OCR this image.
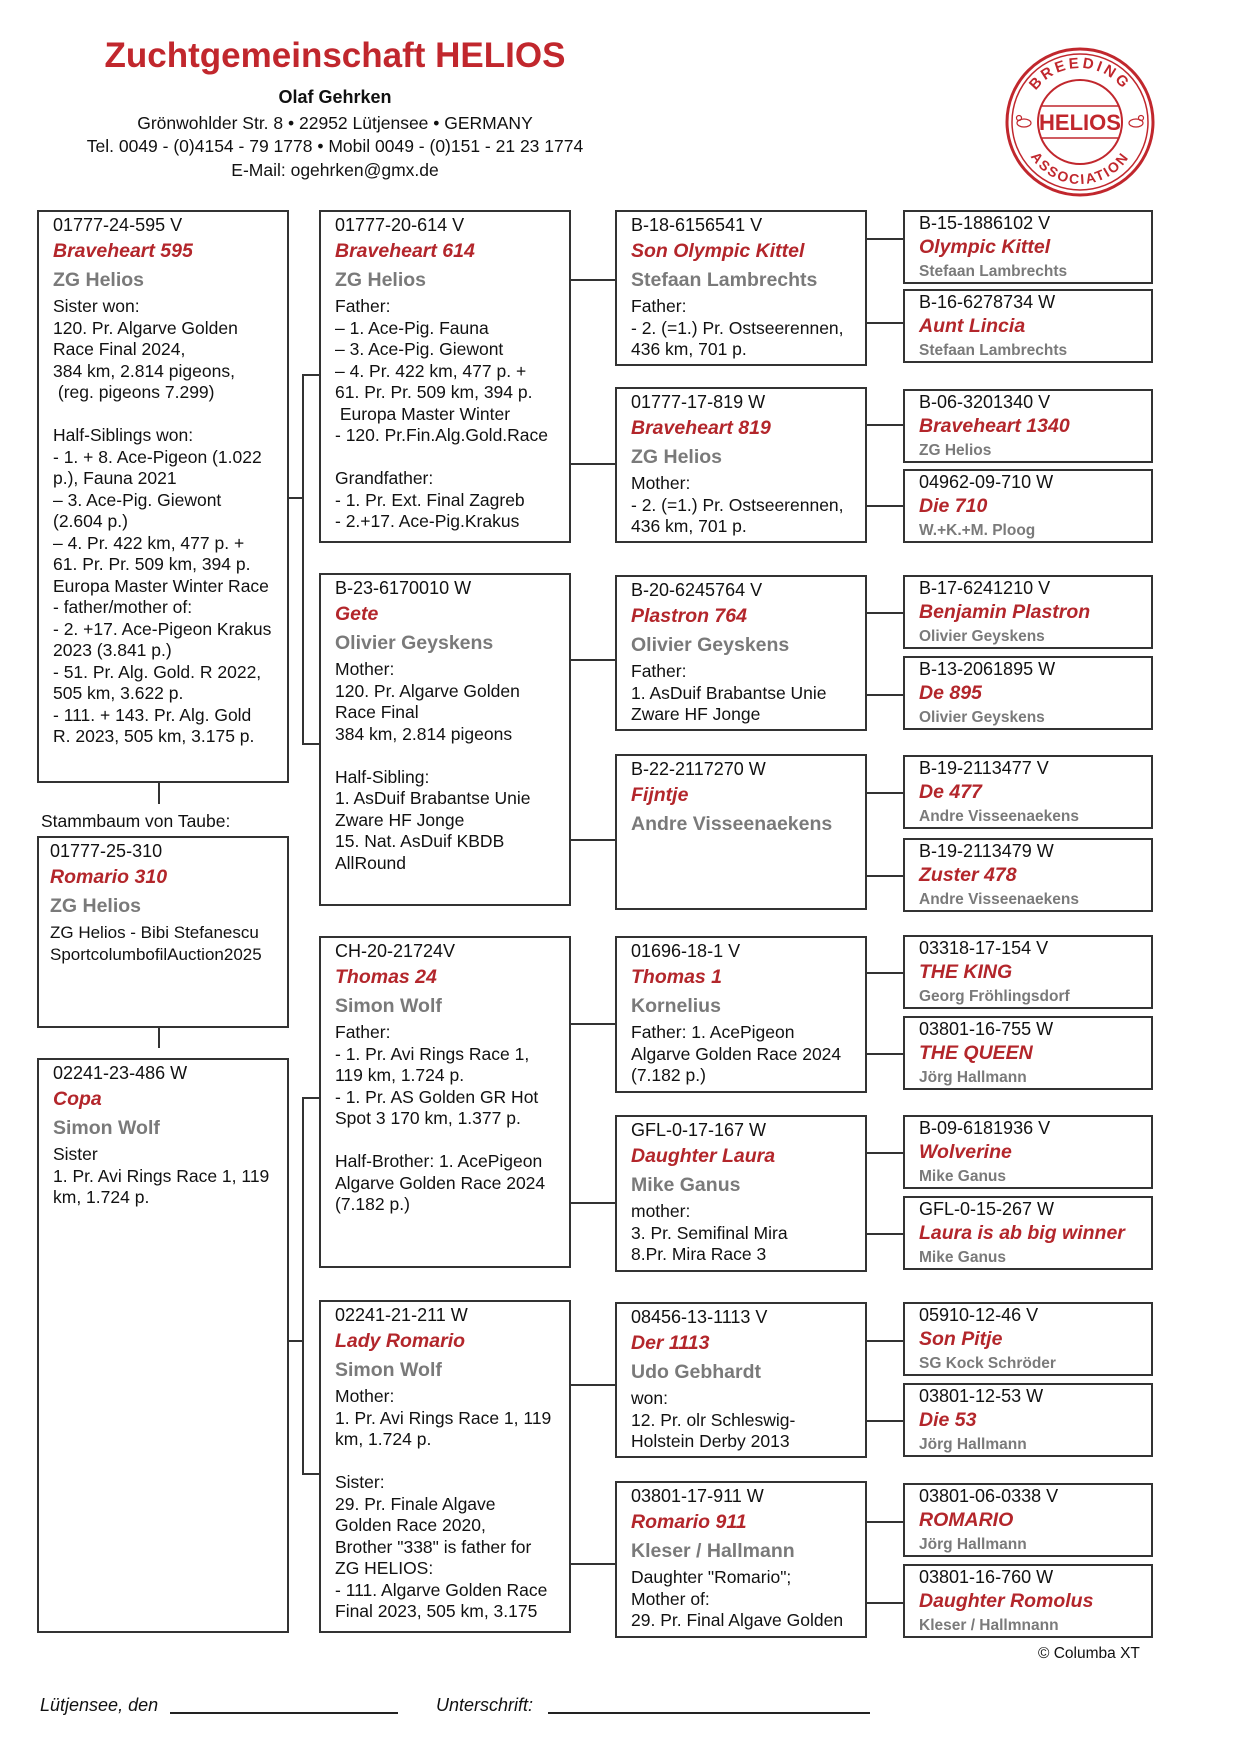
Zuchtgemeinschaft HELIOS
Olaf Gehrken
Grönwohlder Str. 8 • 22952 Lütjensee • GERMANY
Tel. 0049 - (0)4154 - 79 1778 • Mobil 0049 - (0)151 - 21 23 1774
E-Mail: ogehrken@gmx.de
BREEDING
HELIOS
ASSOCIATION
01777-24-595 V
Braveheart 595
ZG Helios
Sister won:
120. Pr. Algarve Golden
Race Final 2024,
384 km, 2.814 pigeons,
(reg. pigeons 7.299)

Half-Siblings won:
- 1. + 8. Ace-Pigeon (1.022
p.), Fauna 2021
– 3. Ace-Pig. Giewont
(2.604 p.)
– 4. Pr. 422 km, 477 p. +
61. Pr. Pr. 509 km, 394 p.
Europa Master Winter Race
- father/mother of:
- 2. +17. Ace-Pigeon Krakus
2023 (3.841 p.)
- 51. Pr. Alg. Gold. R 2022,
505 km, 3.622 p.
- 111. + 143. Pr. Alg. Gold
R. 2023, 505 km, 3.175 p.
Stammbaum von Taube:
01777-25-310
Romario 310
ZG Helios
ZG Helios - Bibi Stefanescu
SportcolumbofilAuction2025
02241-23-486 W
Copa
Simon Wolf
Sister
1. Pr. Avi Rings Race 1, 119
km, 1.724 p.
01777-20-614 V
Braveheart 614
ZG Helios
Father:
– 1. Ace-Pig. Fauna
– 3. Ace-Pig. Giewont
– 4. Pr. 422 km, 477 p. +
61. Pr. Pr. 509 km, 394 p.
Europa Master Winter
- 120. Pr.Fin.Alg.Gold.Race

Grandfather:
- 1. Pr. Ext. Final Zagreb
- 2.+17. Ace-Pig.Krakus
B-23-6170010 W
Gete
Olivier Geyskens
Mother:
120. Pr. Algarve Golden
Race Final
384 km, 2.814 pigeons

Half-Sibling:
1. AsDuif Brabantse Unie
Zware HF Jonge
15. Nat. AsDuif KBDB
AllRound
CH-20-21724V
Thomas 24
Simon Wolf
Father:
- 1. Pr. Avi Rings Race 1,
119 km, 1.724 p.
- 1. Pr. AS Golden GR Hot
Spot 3 170 km, 1.377 p.

Half-Brother: 1. AcePigeon
Algarve Golden Race 2024
(7.182 p.)
02241-21-211 W
Lady Romario
Simon Wolf
Mother:
1. Pr. Avi Rings Race 1, 119
km, 1.724 p.

Sister:
29. Pr. Finale Algave
Golden Race 2020,
Brother "338" is father for
ZG HELIOS:
- 111. Algarve Golden Race
Final 2023, 505 km, 3.175
B-18-6156541 V
Son Olympic Kittel
Stefaan Lambrechts
Father:
- 2. (=1.) Pr. Ostseerennen,
436 km, 701 p.
01777-17-819 W
Braveheart 819
ZG Helios
Mother:
- 2. (=1.) Pr. Ostseerennen,
436 km, 701 p.
B-20-6245764 V
Plastron 764
Olivier Geyskens
Father:
1. AsDuif Brabantse Unie
Zware HF Jonge
B-22-2117270 W
Fijntje
Andre Visseenaekens
01696-18-1 V
Thomas 1
Kornelius
Father: 1. AcePigeon
Algarve Golden Race 2024
(7.182 p.)
GFL-0-17-167 W
Daughter Laura
Mike Ganus
mother:
3. Pr. Semifinal Mira
8.Pr. Mira Race 3
08456-13-1113 V
Der 1113
Udo Gebhardt
won:
12. Pr. olr Schleswig-
Holstein Derby 2013
03801-17-911 W
Romario 911
Kleser / Hallmann
Daughter "Romario";
Mother of:
29. Pr. Final Algave Golden
B-15-1886102 V
Olympic Kittel
Stefaan Lambrechts
B-16-6278734 W
Aunt Lincia
Stefaan Lambrechts
B-06-3201340 V
Braveheart 1340
ZG Helios
04962-09-710 W
Die 710
W.+K.+M. Ploog
B-17-6241210 V
Benjamin Plastron
Olivier Geyskens
B-13-2061895 W
De 895
Olivier Geyskens
B-19-2113477 V
De 477
Andre Visseenaekens
B-19-2113479 W
Zuster 478
Andre Visseenaekens
03318-17-154 V
THE KING
Georg Fröhlingsdorf
03801-16-755 W
THE QUEEN
Jörg Hallmann
B-09-6181936 V
Wolverine
Mike Ganus
GFL-0-15-267 W
Laura is ab big winner
Mike Ganus
05910-12-46 V
Son Pitje
SG Kock Schröder
03801-12-53 W
Die 53
Jörg Hallmann
03801-06-0338 V
ROMARIO
Jörg Hallmann
03801-16-760 W
Daughter Romolus
Kleser / Hallmnann
© Columba XT
Lütjensee, den	Unterschrift:
